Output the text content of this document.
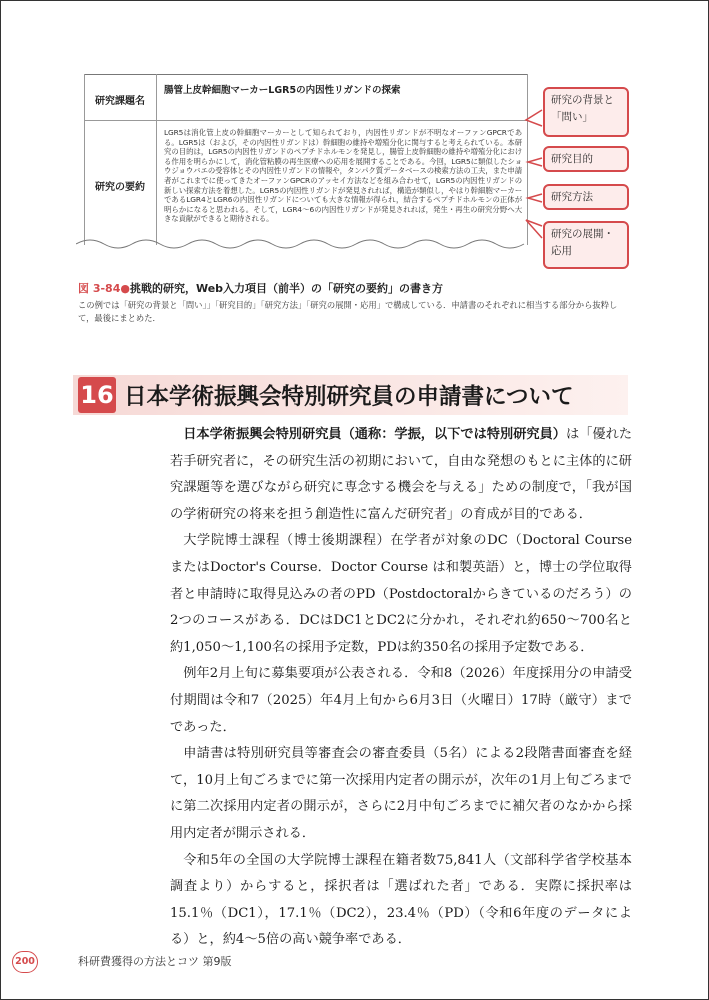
研究課題名
腸管上皮幹細胞マーカーLGR5の内因性リガンドの探索
研究の要約
LGR5は消化管上皮の幹細胞マーカーとして知られており，内因性リガンドが不明なオーファンGPCRである。LGR5は（および，その内因性リガンドは）幹細胞の維持や増殖分化に関与すると考えられている。本研究の目的は，LGR5の内因性リガンドのペプチドホルモンを発見し，腸管上皮幹細胞の維持や増殖分化における作用を明らかにして，消化管粘膜の再生医療への応用を展開することである。今回，LGR5に類似したショウジョウバエの受容体とその内因性リガンドの情報や，タンパク質データベースの検索方法の工夫，また申請者がこれまでに使ってきたオーファンGPCRのアッセイ方法などを組み合わせて，LGR5の内因性リガンドの新しい探索方法を着想した。LGR5の内因性リガンドが発見されれば，構造が類似し，やはり幹細胞マーカーであるLGR4とLGR6の内因性リガンドについても大きな情報が得られ，結合するペプチドホルモンの正体が明らかになると思われる。そして，LGR4〜6の内因性リガンドが発見されれば，発生・再生の研究分野へ大きな貢献ができると期待される。
研究の背景と「問い」
研究目的
研究方法
研究の展開・応用
図 3-84●挑戦的研究，Web入力項目（前半）の「研究の要約」の書き方
この例では「研究の背景と「問い」」「研究目的」「研究方法」「研究の展開・応用」で構成している．申請書のそれぞれに相当する部分から抜粋して，最後にまとめた．
16 日本学術振興会特別研究員の申請書について

日本学術振興会特別研究員（通称：学振，以下では特別研究員）は「優れた若手研究者に，その研究生活の初期において，自由な発想のもとに主体的に研究課題等を選びながら研究に専念する機会を与える」ための制度で，「我が国の学術研究の将来を担う創造性に富んだ研究者」の育成が目的である．

大学院博士課程（博士後期課程）在学者が対象のDC（Doctoral Course またはDoctor's Course．Doctor Course は和製英語）と，博士の学位取得者と申請時に取得見込みの者のPD（Postdoctoralからきているのだろう）の2つのコースがある．DCはDC1とDC2に分かれ，それぞれ約650〜700名と約1,050〜1,100名の採用予定数，PDは約350名の採用予定数である．

例年2月上旬に募集要項が公表される．令和8（2026）年度採用分の申請受付期間は令和7（2025）年4月上旬から6月3日（火曜日）17時（厳守）までであった．

申請書は特別研究員等審査会の審査委員（5名）による2段階書面審査を経て，10月上旬ごろまでに第一次採用内定者の開示が，次年の1月上旬ごろまでに第二次採用内定者の開示が，さらに2月中旬ごろまでに補欠者のなかから採用内定者が開示される．

令和5年の全国の大学院博士課程在籍者数75,841人（文部科学省学校基本調査より）からすると，採択者は「選ばれた者」である．実際に採択率は15.1％（DC1），17.1％（DC2），23.4％（PD）（令和6年度のデータによる）と，約4〜5倍の高い競争率である．

200	科研費獲得の方法とコツ 第9版
